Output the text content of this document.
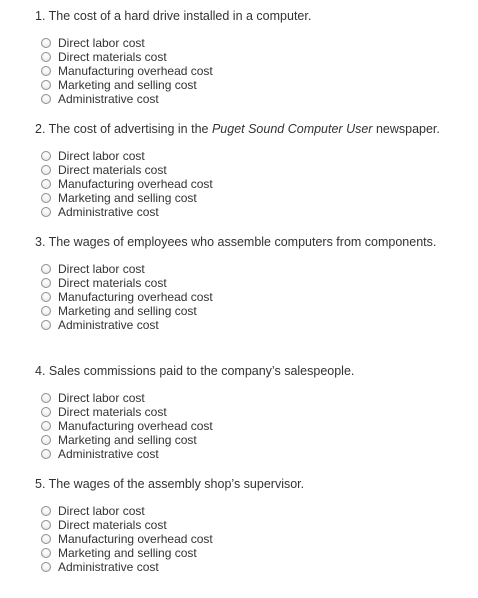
1. The cost of a hard drive installed in a computer.
Direct labor cost
Direct materials cost
Manufacturing overhead cost
Marketing and selling cost
Administrative cost
2. The cost of advertising in the Puget Sound Computer User newspaper.
Direct labor cost
Direct materials cost
Manufacturing overhead cost
Marketing and selling cost
Administrative cost
3. The wages of employees who assemble computers from components.
Direct labor cost
Direct materials cost
Manufacturing overhead cost
Marketing and selling cost
Administrative cost
4. Sales commissions paid to the company’s salespeople.
Direct labor cost
Direct materials cost
Manufacturing overhead cost
Marketing and selling cost
Administrative cost
5. The wages of the assembly shop’s supervisor.
Direct labor cost
Direct materials cost
Manufacturing overhead cost
Marketing and selling cost
Administrative cost
